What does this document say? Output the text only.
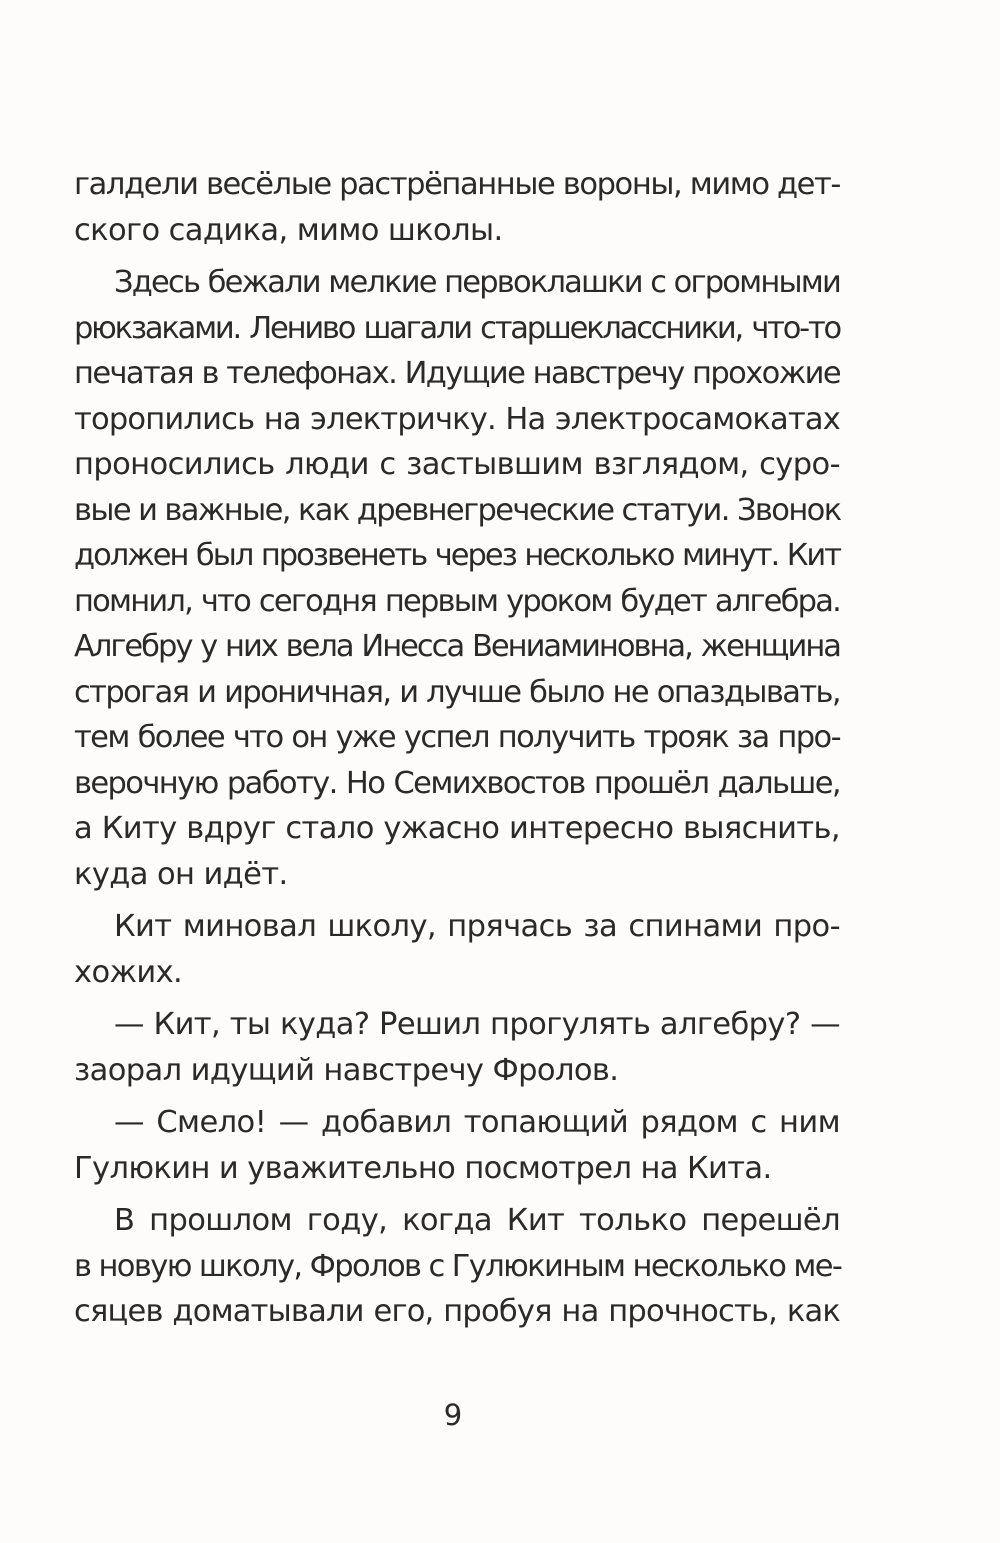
галдели весёлые растрёпанные вороны, мимо дет-
ского садика, мимо школы.
Здесь бежали мелкие первоклашки с огромными
рюкзаками. Лениво шагали старшеклассники, что-то
печатая в телефонах. Идущие навстречу прохожие
торопились на электричку. На электросамокатах
проносились люди с застывшим взглядом, суро-
вые и важные, как древнегреческие статуи. Звонок
должен был прозвенеть через несколько минут. Кит
помнил, что сегодня первым уроком будет алгебра.
Алгебру у них вела Инесса Вениаминовна, женщина
строгая и ироничная, и лучше было не опаздывать,
тем более что он уже успел получить трояк за про-
верочную работу. Но Семихвостов прошёл дальше,
а Киту вдруг стало ужасно интересно выяснить,
куда он идёт.
Кит миновал школу, прячась за спинами про-
хожих.
— Кит, ты куда? Решил прогулять алгебру? —
заорал идущий навстречу Фролов.
— Смело! — добавил топающий рядом с ним
Гулюкин и уважительно посмотрел на Кита.
В прошлом году, когда Кит только перешёл
в новую школу, Фролов с Гулюкиным несколько ме-
сяцев доматывали его, пробуя на прочность, как
9
